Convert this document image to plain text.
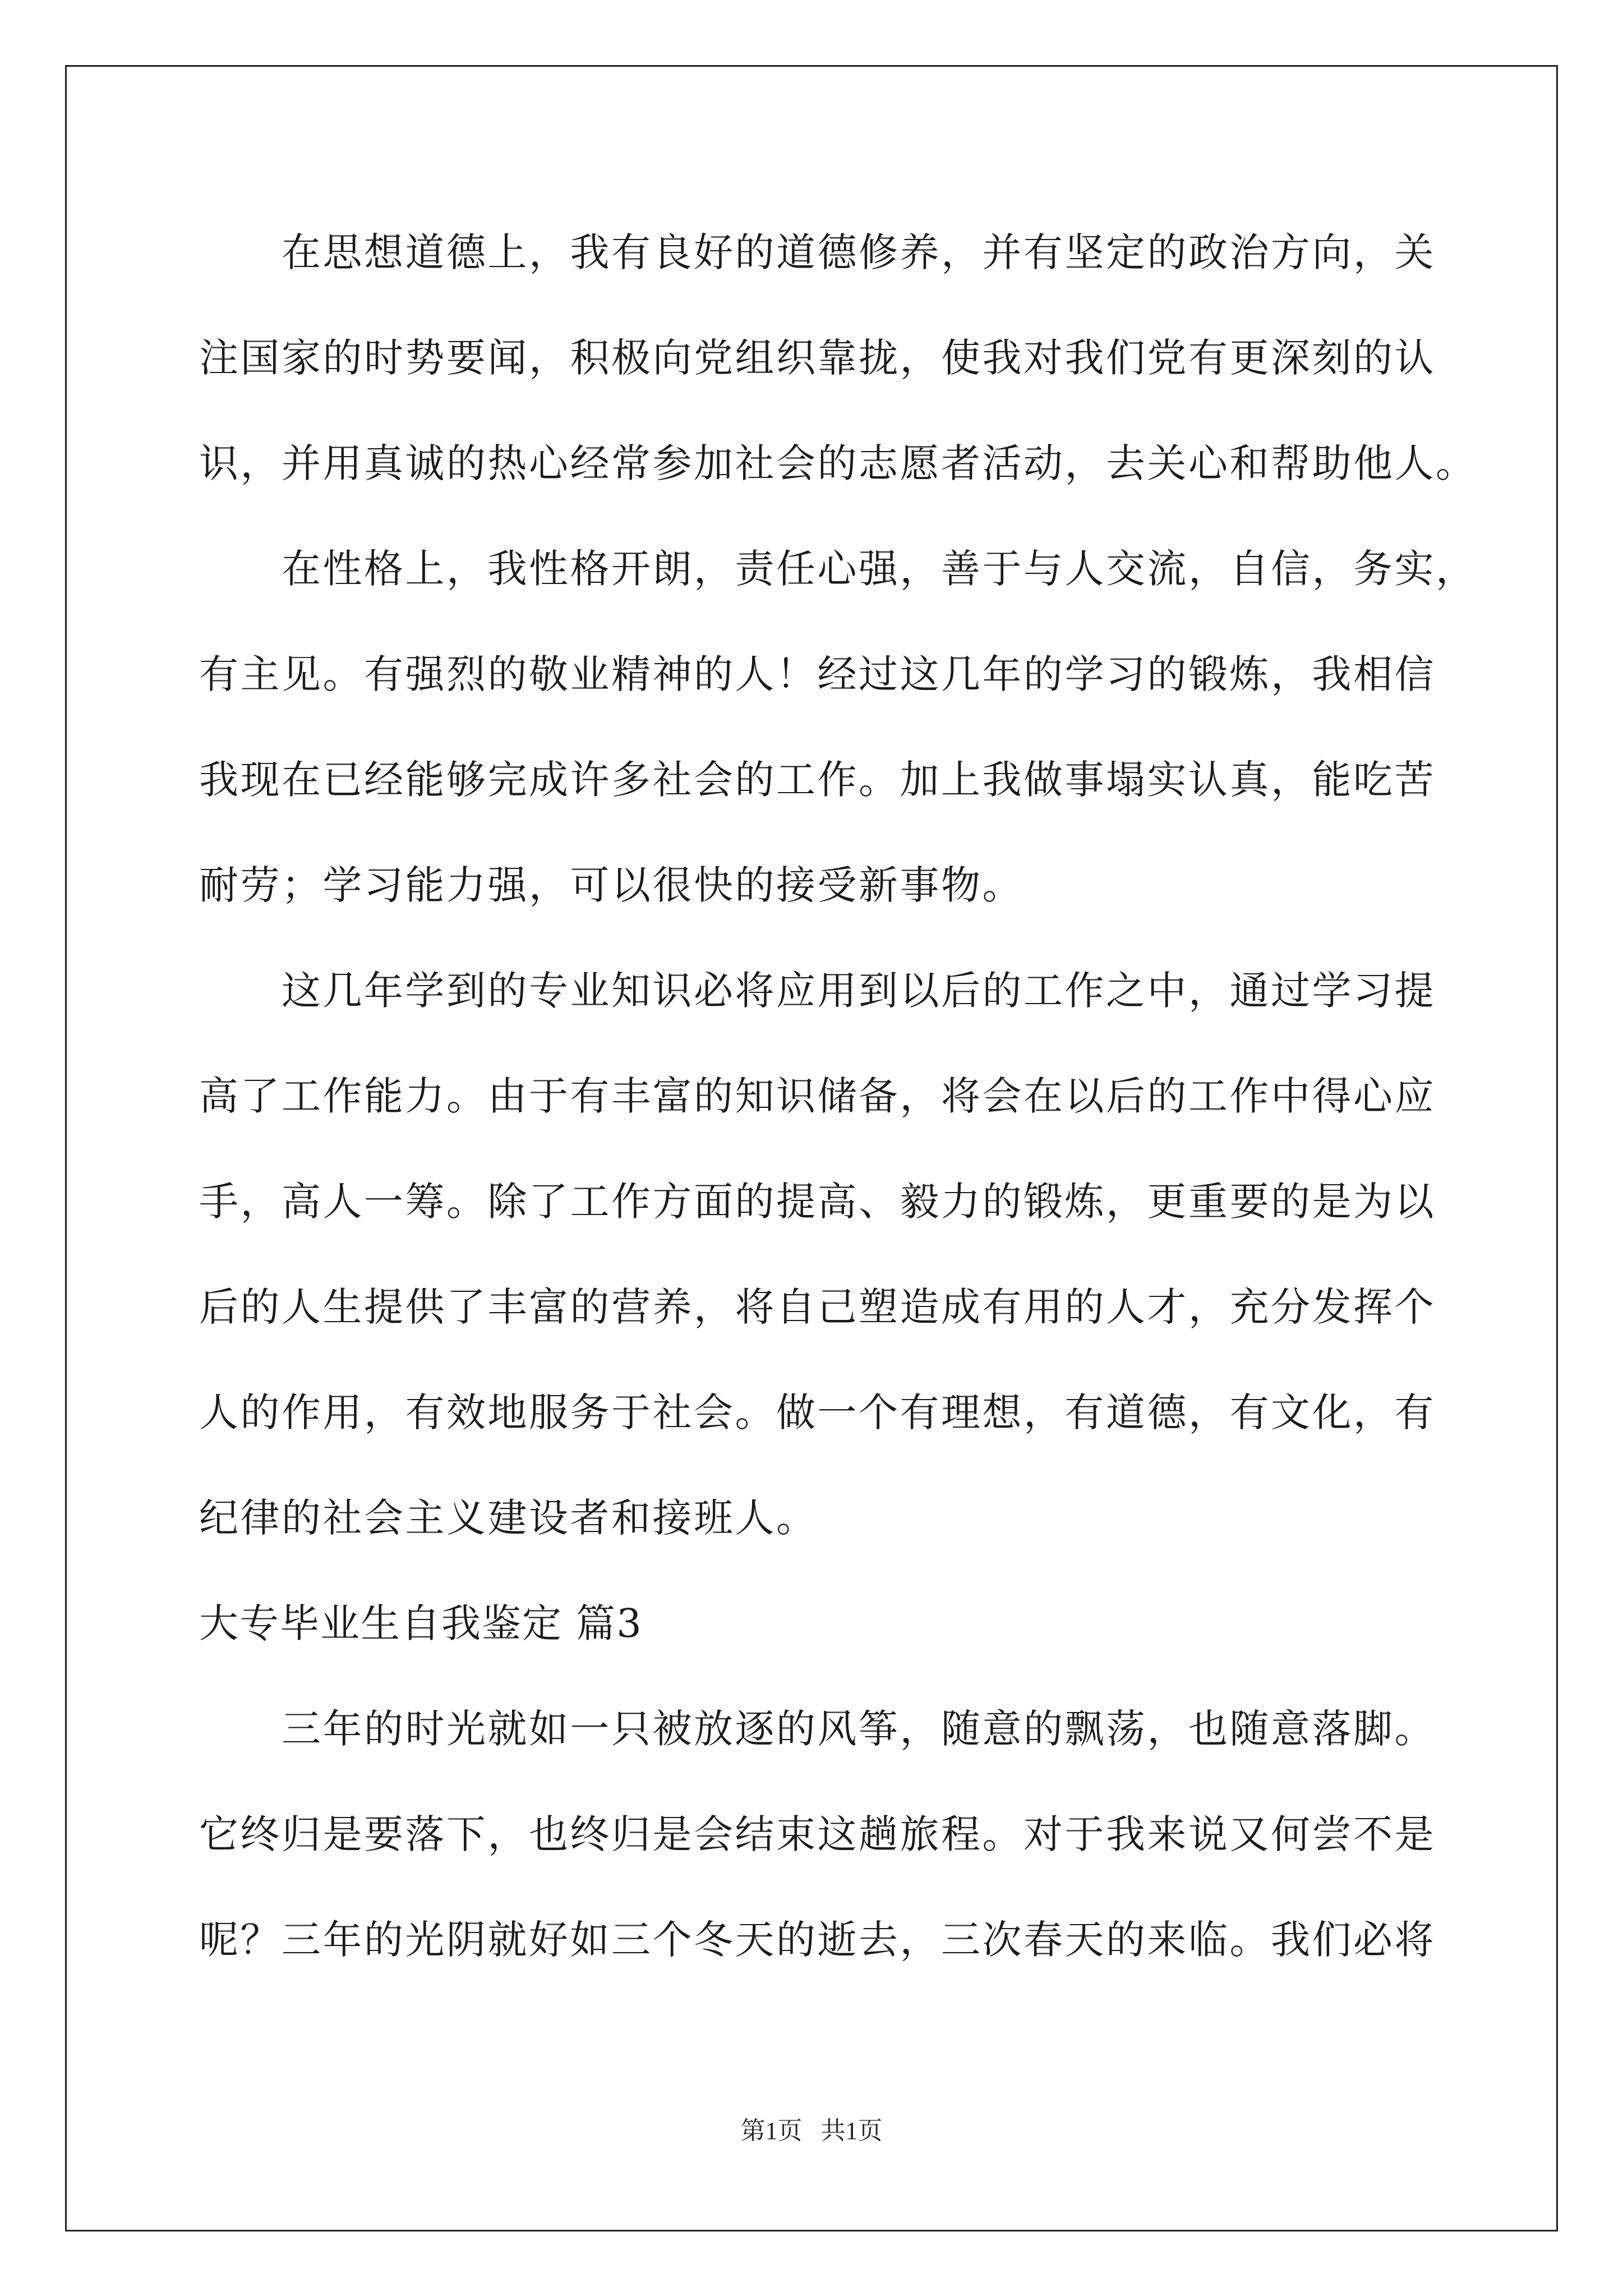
在思想道德上，我有良好的道德修养，并有坚定的政治方向，关
注国家的时势要闻，积极向党组织靠拢，使我对我们党有更深刻的认
识，并用真诚的热心经常参加社会的志愿者活动，去关心和帮助他人。
在性格上，我性格开朗，责任心强，善于与人交流，自信，务实，
有主见。有强烈的敬业精神的人！经过这几年的学习的锻炼，我相信
我现在已经能够完成许多社会的工作。加上我做事塌实认真，能吃苦
耐劳；学习能力强，可以很快的接受新事物。
这几年学到的专业知识必将应用到以后的工作之中，通过学习提
高了工作能力。由于有丰富的知识储备，将会在以后的工作中得心应
手，高人一筹。除了工作方面的提高、毅力的锻炼，更重要的是为以
后的人生提供了丰富的营养，将自己塑造成有用的人才，充分发挥个
人的作用，有效地服务于社会。做一个有理想，有道德，有文化，有
纪律的社会主义建设者和接班人。
大专毕业生自我鉴定 篇3
三年的时光就如一只被放逐的风筝，随意的飘荡，也随意落脚。
它终归是要落下，也终归是会结束这趟旅程。对于我来说又何尝不是
呢？三年的光阴就好如三个冬天的逝去，三次春天的来临。我们必将
第1页   共1页
